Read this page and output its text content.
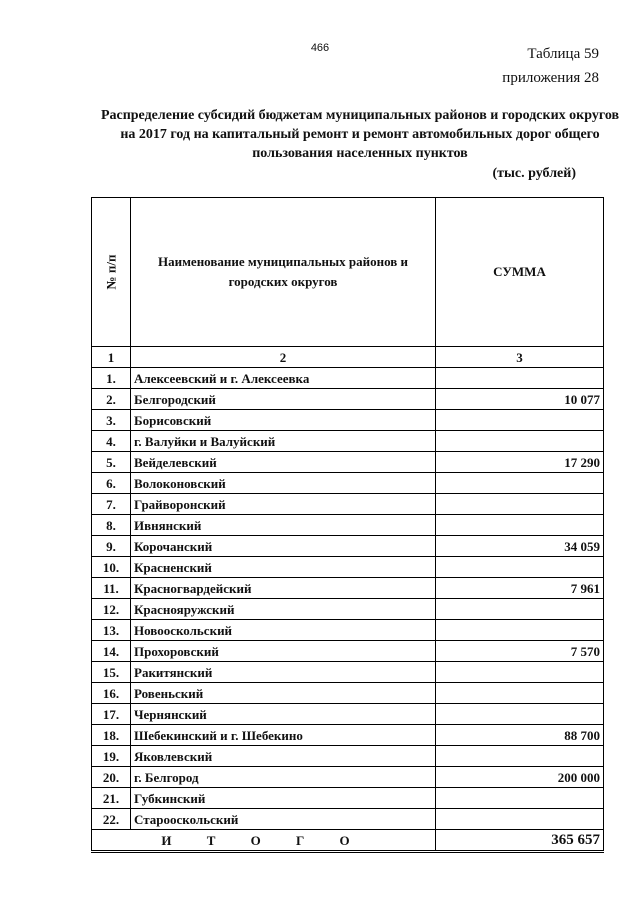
466	Таблица 59
приложения 28
Распределение субсидий бюджетам муниципальных районов и городских округов на 2017 год на капитальный ремонт и ремонт автомобильных дорог общего пользования населенных пунктов
(тыс. рублей)
№ п/п	Наименование муниципальных районов и городских округов	СУММА
1	2	3
1.	Алексеевский и г. Алексеевка	
2.	Белгородский	10 077
3.	Борисовский	
4.	г. Валуйки и Валуйский	
5.	Вейделевский	17 290
6.	Волоконовский	
7.	Грайворонский	
8.	Ивнянский	
9.	Корочанский	34 059
10.	Красненский	
11.	Красногвардейский	7 961
12.	Краснояружский	
13.	Новооскольский	
14.	Прохоровский	7 570
15.	Ракитянский	
16.	Ровеньский	
17.	Чернянский	
18.	Шебекинский и г. Шебекино	88 700
19.	Яковлевский	
20.	г. Белгород	200 000
21.	Губкинский	
22.	Старооскольский	
И Т О Г О		365 657
